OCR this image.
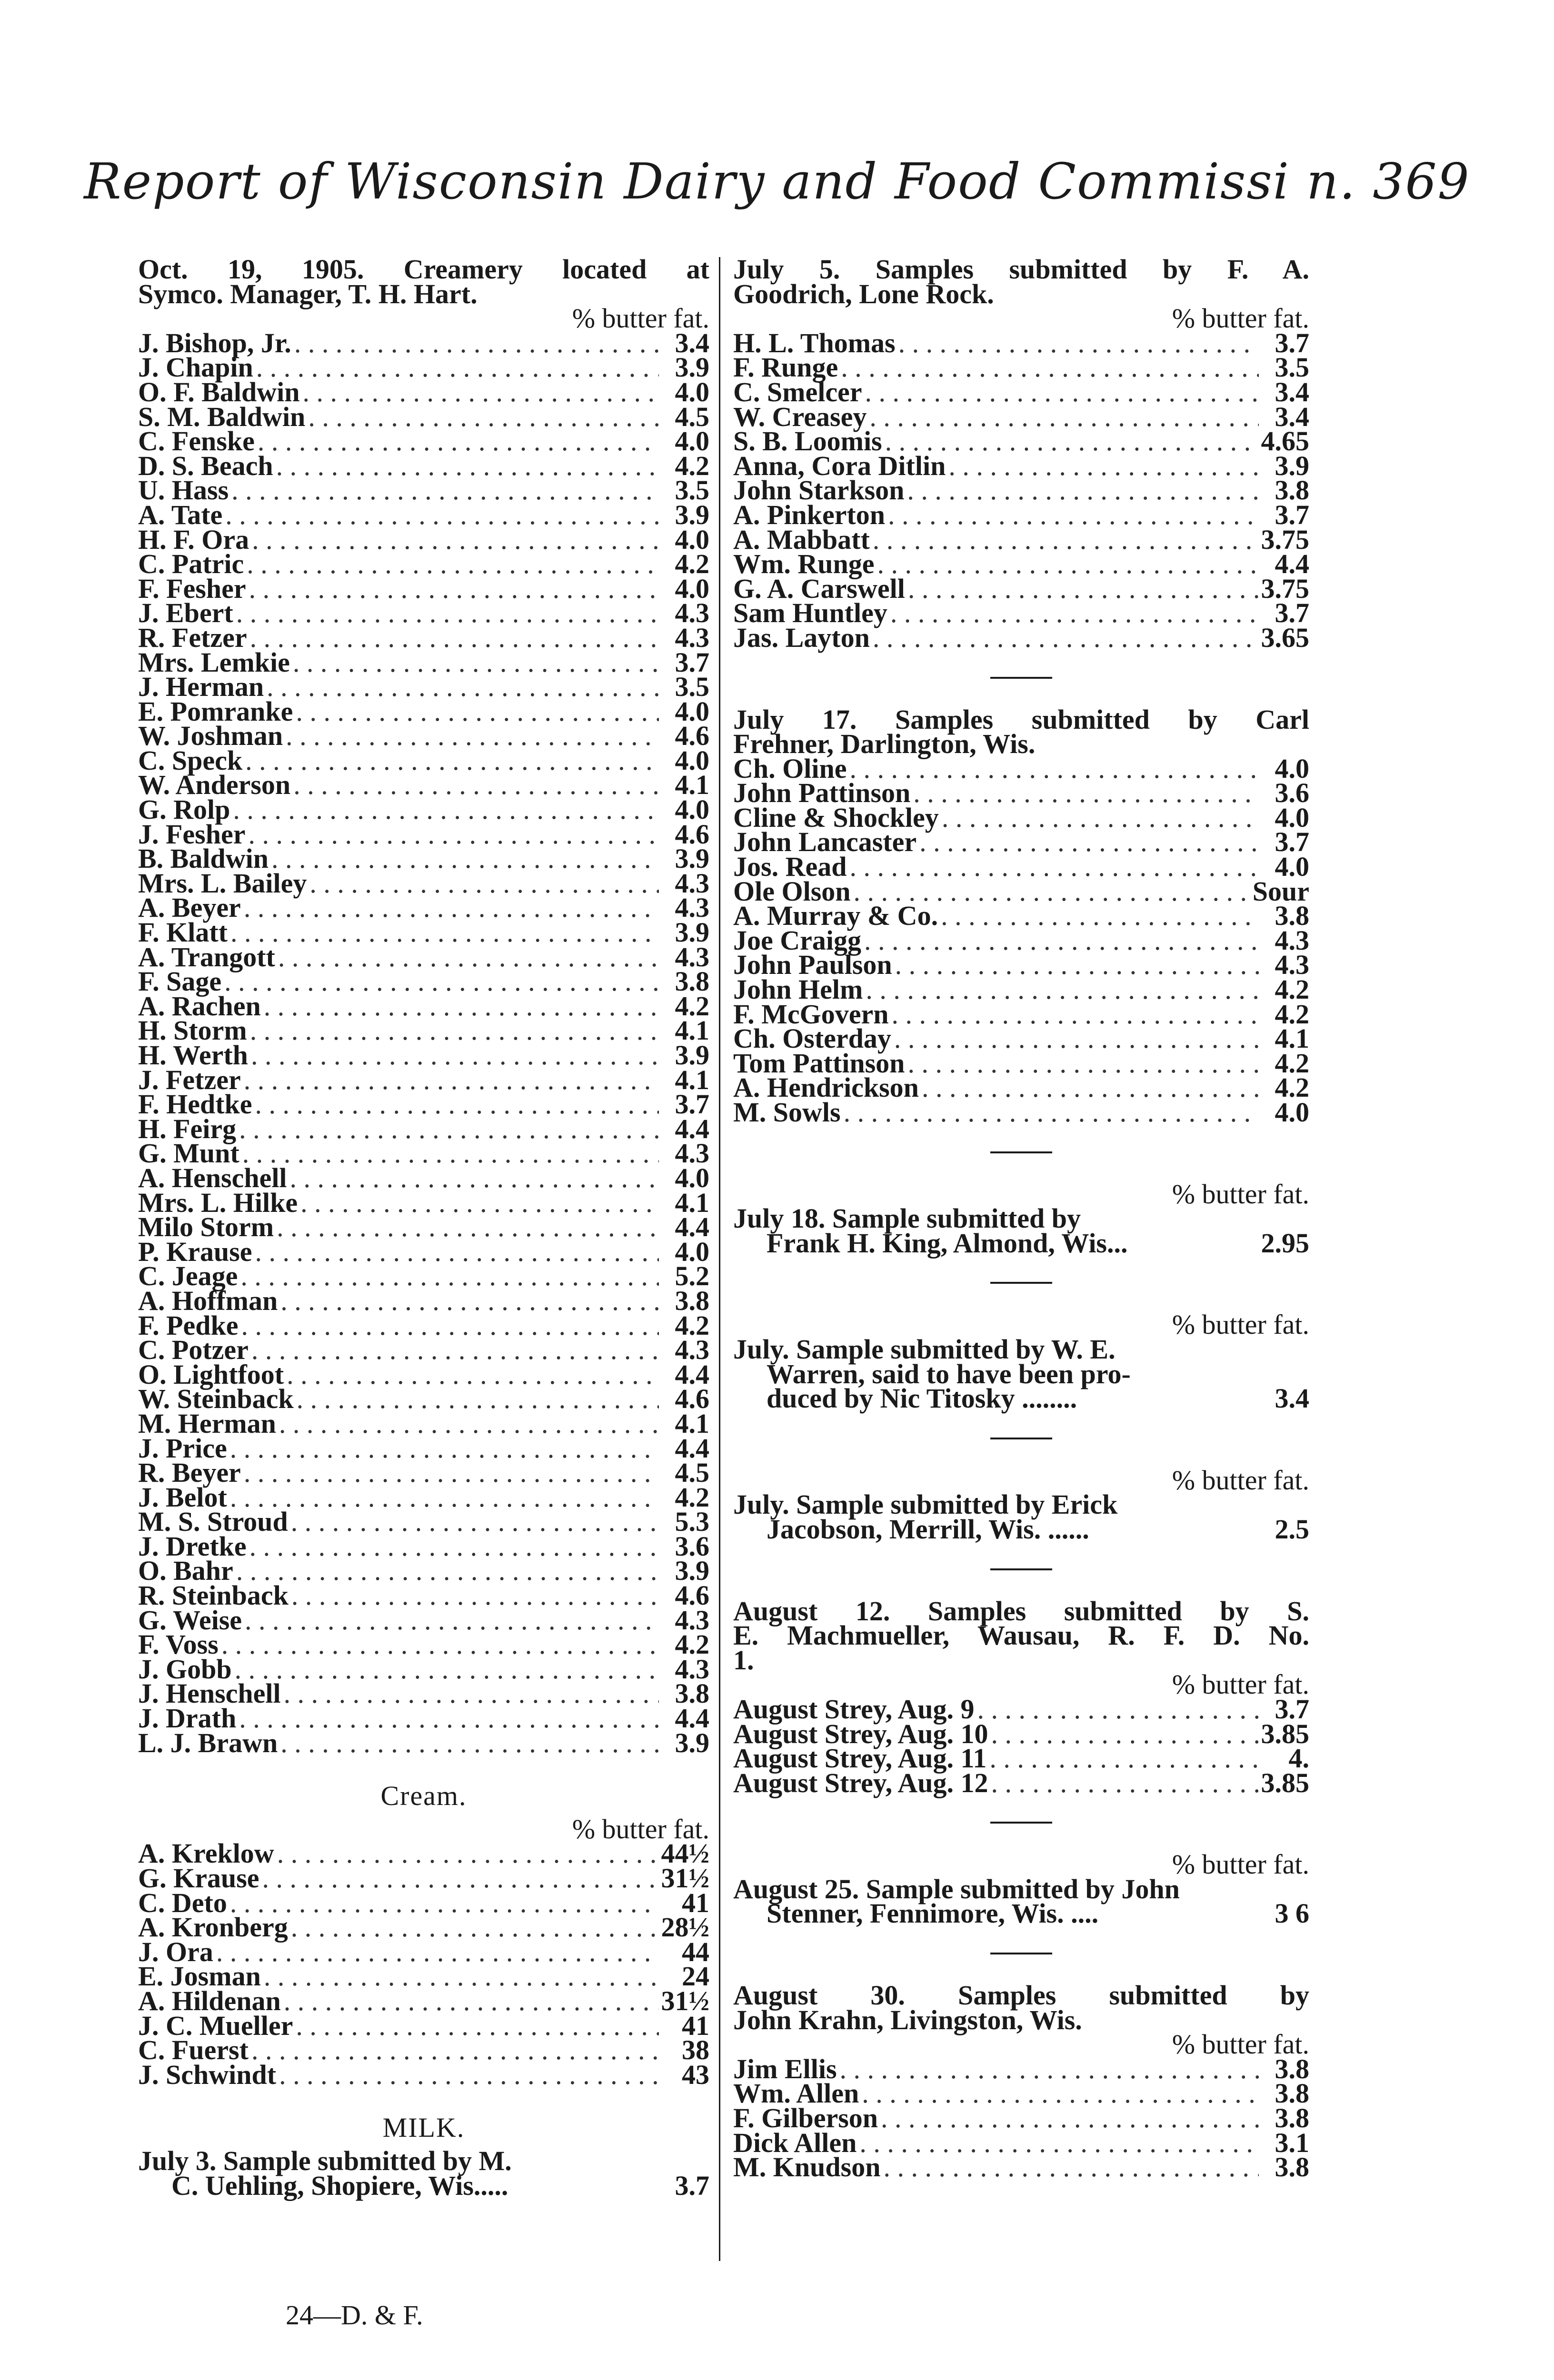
Report of Wisconsin Dairy and Food Commissi n. 369

Oct. 19, 1905. Creamery located at

Symco. Manager, T. H. Hart.

% butter fat.

J. Bishop, Jr. . . .	3.4
J. Chapin . . .	3.9
O. F. Baldwin . . .	4.0
S. M. Baldwin . . .	4.5
C. Fenske . . .	4.0
D. S. Beach . . .	4.2
U. Hass . . .	3.5
A. Tate . . .	3.9
H. F. Ora . . .	4.0
C. Patric . . .	4.2
F. Fesher . . .	4.0
J. Ebert . . .	4.3
R. Fetzer . . .	4.3
Mrs. Lemkie . . .	3.7
J. Herman . . .	3.5
E. Pomranke . . .	4.0
W. Joshman . . .	4.6
C. Speck . . .	4.0
W. Anderson . . .	4.1
G. Rolp . . .	4.0
J. Fesher . . .	4.6
B. Baldwin . . .	3.9
Mrs. L. Bailey . . .	4.3
A. Beyer . . .	4.3
F. Klatt . . .	3.9
A. Trangott . . .	4.3
F. Sage . . .	3.8
A. Rachen . . .	4.2
H. Storm . . .	4.1
H. Werth . . .	3.9
J. Fetzer . . .	4.1
F. Hedtke . . .	3.7
H. Feirg . . .	4.4
G. Munt . . .	4.3
A. Henschell . . .	4.0
Mrs. L. Hilke . . .	4.1
Milo Storm . . .	4.4
P. Krause . . .	4.0
C. Jeage . . .	5.2
A. Hoffman . . .	3.8
F. Pedke . . .	4.2
C. Potzer . . .	4.3
O. Lightfoot . . .	4.4
W. Steinback . . .	4.6
M. Herman . . .	4.1
J. Price . . .	4.4
R. Beyer . . .	4.5
J. Belot . . .	4.2
M. S. Stroud . . .	5.3
J. Dretke . . .	3.6
O. Bahr . . .	3.9
R. Steinback . . .	4.6
G. Weise . . .	4.3
F. Voss . . .	4.2
J. Gobb . . .	4.3
J. Henschell . . .	3.8
J. Drath . . .	4.4
L. J. Brawn . . .	3.9
Cream.

% butter fat.

A. Kreklow . . .	44½
G. Krause . . .	31½
C. Deto . . .	41
A. Kronberg . . .	28½
J. Ora . . .	44
E. Josman . . .	24
A. Hildenan . . .	31½
J. C. Mueller . . .	41
C. Fuerst . . .	38
J. Schwindt . . .	43
MILK.
July 3. Sample submitted by M.
C. Uehling, Shopiere, Wis.....	3.7

July 5. Samples submitted by F. A.

Goodrich, Lone Rock.

% butter fat.

H. L. Thomas . . .	3.7
F. Runge . . .	3.5
C. Smelcer . . .	3.4
W. Creasey . . .	3.4
S. B. Loomis . . .	4.65
Anna, Cora Ditlin . . .	3.9
John Starkson . . .	3.8
A. Pinkerton . . .	3.7
A. Mabbatt . . .	3.75
Wm. Runge . . .	4.4
G. A. Carswell . . .	3.75
Sam Huntley . . .	3.7
Jas. Layton . . .	3.65

July 17. Samples submitted by Carl

Frehner, Darlington, Wis.

Ch. Oline . . .	4.0
John Pattinson . . .	3.6
Cline & Shockley . . .	4.0
John Lancaster . . .	3.7
Jos. Read . . .	4.0
Ole Olson . . .	Sour
A. Murray & Co. . . .	3.8
Joe Craigg . . .	4.3
John Paulson . . .	4.3
John Helm . . .	4.2
F. McGovern . . .	4.2
Ch. Osterday . . .	4.1
Tom Pattinson . . .	4.2
A. Hendrickson . . .	4.2
M. Sowls . . .	4.0

% butter fat.

July 18. Sample submitted by
Frank H. King, Almond, Wis...	2.95

% butter fat.

July. Sample submitted by W. E.
Warren, said to have been pro-
duced by Nic Titosky ........	3.4

% butter fat.

July. Sample submitted by Erick
Jacobson, Merrill, Wis. ......	2.5

August 12. Samples submitted by S.

E. Machmueller, Wausau, R. F. D. No.

1.

% butter fat.

August Strey, Aug. 9 . . .	3.7
August Strey, Aug. 10 . . .	3.85
August Strey, Aug. 11 . . .	4.
August Strey, Aug. 12 . . .	3.85

% butter fat.

August 25. Sample submitted by John
Stenner, Fennimore, Wis. ....	3 6

August 30. Samples submitted by

John Krahn, Livingston, Wis.

% butter fat.

Jim Ellis . . .	3.8
Wm. Allen . . .	3.8
F. Gilberson . . .	3.8
Dick Allen . . .	3.1
M. Knudson . . .	3.8
24—D. & F.
